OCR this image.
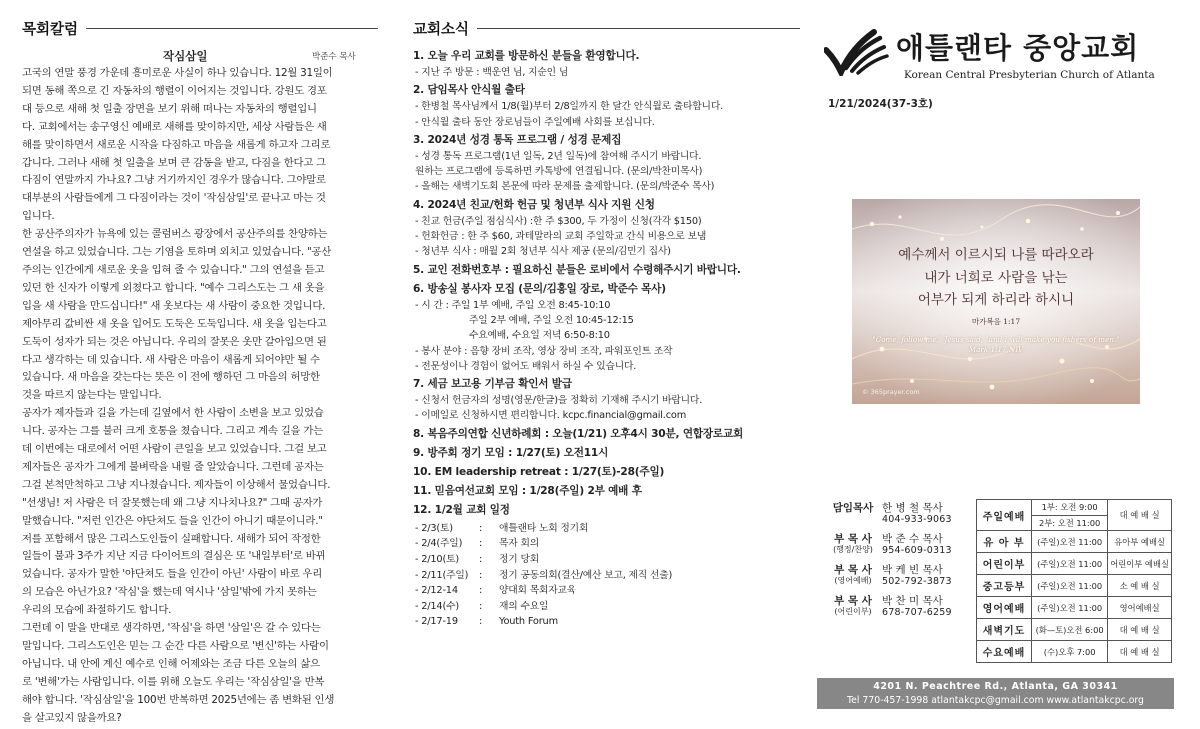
목회칼럼
작심삼일	박준수 목사

고국의 연말 풍경 가운데 흥미로운 사실이 하나 있습니다. 12월 31일이

되면 동해 쪽으로 긴 자동차의 행렬이 이어지는 것입니다. 강원도 경포

대 등으로 새해 첫 일출 장면을 보기 위해 떠나는 자동차의 행렬입니

다. 교회에서는 송구영신 예배로 새해를 맞이하지만, 세상 사람들은 새

해를 맞이하면서 새로운 시작을 다짐하고 마음을 새롭게 하고자 그리로

갑니다. 그러나 새해 첫 일출을 보며 큰 감동을 받고, 다짐을 한다고 그

다짐이 연말까지 가나요? 그냥 거기까지인 경우가 많습니다. 그야말로

대부분의 사람들에게 그 다짐이라는 것이 '작심삼일'로 끝나고 마는 것

입니다.

한 공산주의자가 뉴욕에 있는 콜럼버스 광장에서 공산주의를 찬양하는

연설을 하고 있었습니다. 그는 기염을 토하며 외치고 있었습니다. "공산

주의는 인간에게 새로운 옷을 입혀 줄 수 있습니다." 그의 연설을 듣고

있던 한 신자가 이렇게 외쳤다고 합니다. "예수 그리스도는 그 새 옷을

입을 새 사람을 만드십니다!" 새 옷보다는 새 사람이 중요한 것입니다.

제아무리 값비싼 새 옷을 입어도 도둑은 도둑입니다. 새 옷을 입는다고

도둑이 성자가 되는 것은 아닙니다. 우리의 잘못은 옷만 갈아입으면 된

다고 생각하는 데 있습니다. 새 사람은 마음이 새롭게 되어야만 될 수

있습니다. 새 마음을 갖는다는 뜻은 이 전에 행하던 그 마음의 허망한

것을 따르지 않는다는 말입니다.

공자가 제자들과 길을 가는데 길옆에서 한 사람이 소변을 보고 있었습

니다. 공자는 그를 불러 크게 호통을 쳤습니다. 그리고 계속 길을 가는

데 이번에는 대로에서 어떤 사람이 큰일을 보고 있었습니다. 그걸 보고

제자들은 공자가 그에게 불벼락을 내릴 줄 알았습니다. 그런데 공자는

그걸 본척만척하고 그냥 지나쳤습니다. 제자들이 이상해서 물었습니다.

"선생님! 저 사람은 더 잘못했는데 왜 그냥 지나치나요?" 그때 공자가

말했습니다. "저런 인간은 야단쳐도 들을 인간이 아니기 때문이니라."

저를 포함해서 많은 그리스도인들이 실패합니다. 새해가 되어 작정한

일들이 불과 3주가 지난 지금 다이어트의 결심은 또 '내일부터'로 바뀌

었습니다. 공자가 말한 '야단쳐도 들을 인간이 아닌' 사람이 바로 우리

의 모습은 아닌가요? '작심'을 했는데 역시나 '삼일'밖에 가지 못하는

우리의 모습에 좌절하기도 합니다.

그런데 이 말을 반대로 생각하면, '작심'을 하면 '삼일'은 갈 수 있다는

말입니다. 그리스도인은 믿는 그 순간 다른 사람으로 '변신'하는 사람이

아닙니다. 내 안에 계신 예수로 인해 어제와는 조금 다른 오늘의 삶으

로 '변해'가는 사람입니다. 이를 위해 오늘도 우리는 '작심삼일'을 반복

해야 합니다. '작심삼일'을 100번 반복하면 2025년에는 좀 변화된 인생

을 살고있지 않을까요?

교회소식
1. 오늘 우리 교회를 방문하신 분들을 환영합니다.
- 지난 주 방문 : 백운연 님, 지순인 님
2. 담임목사 안식월 출타
- 한병철 목사님께서 1/8(월)부터 2/8일까지 한 달간 안식월로 출타합니다.
- 안식월 출타 동안 장로님들이 주일예배 사회를 보십니다.
3. 2024년 성경 통독 프로그램 / 성경 문제집
- 성경 통독 프로그램(1년 일독, 2년 일독)에 참여해 주시기 바랍니다.
원하는 프로그램에 등록하면 카톡방에 연결됩니다. (문의/박찬미목사)
- 올해는 새벽기도회 본문에 따라 문제를 출제합니다. (문의/박준수 목사)
4. 2024년 친교/헌화 헌금 및 청년부 식사 지원 신청
- 친교 헌금(주일 점심식사) :한 주 $300, 두 가정이 신청(각각 $150)
- 헌화헌금 : 한 주 $60, 과테말라의 교회 주일학교 간식 비용으로 보냄
- 청년부 식사 : 매월 2회 청년부 식사 제공 (문의/김민기 집사)
5. 교인 전화번호부 : 필요하신 분들은 로비에서 수령해주시기 바랍니다.
6. 방송실 봉사자 모집 (문의/김홍일 장로, 박준수 목사)
- 시 간 : 주일 1부 예배, 주일 오전 8:45-10:10
주일 2부 예배, 주일 오전 10:45-12:15
수요예배, 수요일 저녁 6:50-8:10
- 봉사 분야 : 음향 장비 조작, 영상 장비 조작, 파워포인트 조작
- 전문성이나 경험이 없어도 배워서 하실 수 있습니다.
7. 세금 보고용 기부금 확인서 발급
- 신청서 헌금자의 성명(영문/한글)을 정확히 기재해 주시기 바랍니다.
- 이메일로 신청하시면 편리합니다. kcpc.financial@gmail.com
8. 복음주의연합 신년하례회 : 오늘(1/21) 오후4시 30분, 연합장로교회
9. 방주회 정기 모임 : 1/27(토) 오전11시
10. EM leadership retreat : 1/27(토)-28(주일)
11. 믿음여선교회 모임 : 1/28(주일) 2부 예배 후
12. 1/2월 교회 일정
- 2/3(토)	:	애틀랜타 노회 정기회
- 2/4(주일)	:	목자 회의
- 2/10(토)	:	정기 당회
- 2/11(주일)	:	정기 공동의회(결산/예산 보고, 제직 선출)
- 2/12-14	:	양대회 목회자교육
- 2/14(수)	:	재의 수요일
- 2/17-19	:	Youth Forum
애틀랜타 중앙교회
Korean Central Presbyterian Church of Atlanta
1/21/2024(37-3호)
예수께서 이르시되 나를 따라오라
내가 너희로 사람을 낚는
어부가 되게 하리라 하시니
마가복음 1:17
"Come, follow me," Jesus said, "and I will make you fishers of men."
Mark 1:17,NIV
© 365prayer.com
담임목사 한 병 철 목사
404-933-9063
부 목 사
(행정/찬양)
박 준 수 목사
954-609-0313
부 목 사
(영어예배)
박 케 빈 목사
502-792-3873
부 목 사
(어린이부)
박 찬 미 목사
678-707-6259
주일예배	1부: 오전 9:00
2부: 오전 11:00	대 예 배 실
유 아 부	(주일)오전 11:00	유아부 예배실
어린이부	(주일)오전 11:00	어린이부 예배실
중고등부	(주일)오전 11:00	소 예 배 실
영어예배	(주일)오전 11:00	영어예배실
새벽기도	(화—토)오전 6:00	대 예 배 실
수요예배	(수)오후 7:00	대 예 배 실
4201 N. Peachtree Rd., Atlanta, GA 30341
Tel 770-457-1998 atlantakcpc@gmail.com www.atlantakcpc.org
